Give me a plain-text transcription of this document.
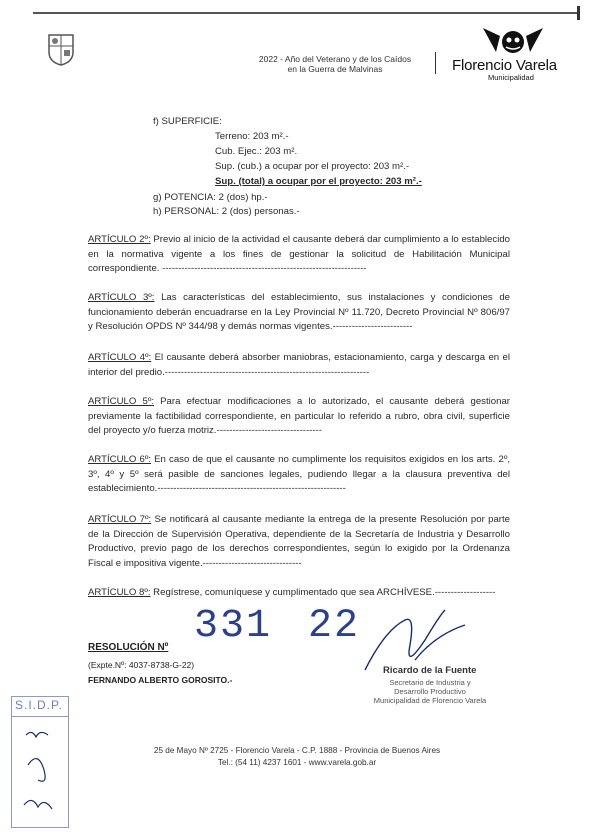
2022 - Año del Veterano y de los Caídos
en la Guerra de Malvinas	Florencio Varela
Municipalidad
f) SUPERFICIE:
Terreno: 203 m².-
Cub. Ejec.: 203 m².
Sup. (cub.) a ocupar por el proyecto: 203 m².-
Sup. (total) a ocupar por el proyecto: 203 m².-
g) POTENCIA: 2 (dos) hp.-
h) PERSONAL: 2 (dos) personas.-
ARTÍCULO 2º: Previo al inicio de la actividad el causante deberá dar cumplimiento a lo establecido en la normativa vigente a los fines de gestionar la solicitud de Habilitación Municipal correspondiente. ----------------------------------------------------------------
ARTÍCULO 3º: Las características del establecimiento, sus instalaciones y condiciones de funcionamiento deberán encuadrarse en la Ley Provincial Nº 11.720, Decreto Provincial Nº 806/97 y Resolución OPDS Nº 344/98 y demás normas vigentes.-------------------------
ARTÍCULO 4º: El causante deberá absorber maniobras, estacionamiento, carga y descarga en el interior del predio.----------------------------------------------------------------
ARTÍCULO 5º: Para efectuar modificaciones a lo autorizado, el causante deberá gestionar previamente la factibilidad correspondiente, en particular lo referido a rubro, obra civil, superficie del proyecto y/o fuerza motriz.---------------------------------
ARTÍCULO 6º: En caso de que el causante no cumplimente los requisitos exigidos en los arts. 2º, 3º, 4º y 5º será pasible de sanciones legales, pudiendo llegar a la clausura preventiva del establecimiento.-----------------------------------------------------------
ARTÍCULO 7º: Se notificará al causante mediante la entrega de la presente Resolución por parte de la Dirección de Supervisión Operativa, dependiente de la Secretaría de Industria y Desarrollo Productivo, previo pago de los derechos correspondientes, según lo exigido por la Ordenanza Fiscal e impositiva vigente.-------------------------------
ARTÍCULO 8º: Regístrese, comuníquese y cumplimentado que sea ARCHÍVESE.-------------------
331 22
RESOLUCIÓN Nº
(Expte.Nº: 4037-8738-G-22)
FERNANDO ALBERTO GOROSITO.-
Ricardo de la Fuente
Secretario de Industria y
Desarrollo Productivo
Municipalidad de Florencio Varela
S.I.D.P.
25 de Mayo Nº 2725 - Florencio Varela - C.P. 1888 - Provincia de Buenos Aires
Tel.: (54 11) 4237 1601 - www.varela.gob.ar
